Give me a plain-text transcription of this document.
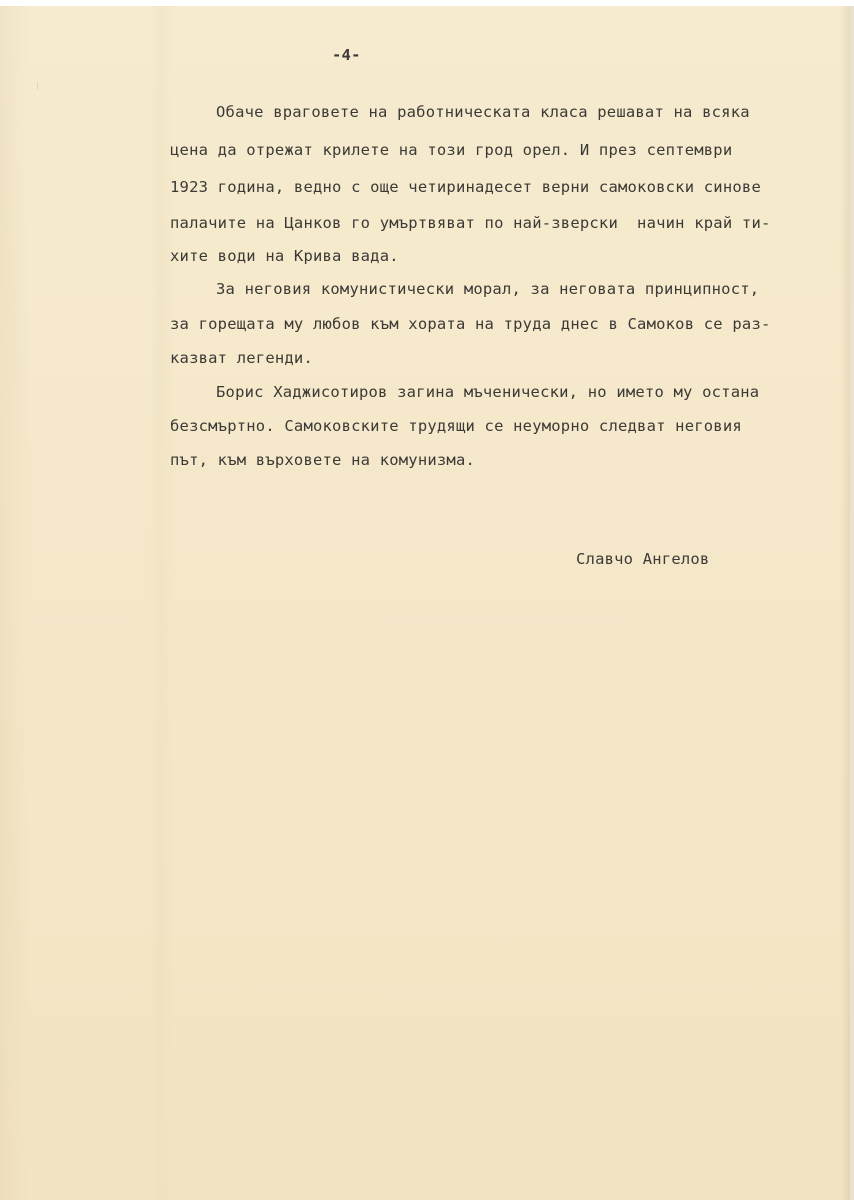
-4-
Обаче враговете на работническата класа решават на всяка
цена да отрежат крилете на този грод орел. И през септември
1923 година, ведно с още четиринадесет верни самоковски синове
палачите на Цанков го умъртвяват по най-зверски  начин край ти-
хите води на Крива вада.
За неговия комунистически морал, за неговата принципност,
за горещата му любов към хората на труда днес в Самоков се раз-
казват легенди.
Борис Хаджисотиров загина мъченически, но името му остана
безсмъртно. Самоковските трудящи се неуморно следват неговия
път, към върховете на комунизма.
Славчо Ангелов
⁞
